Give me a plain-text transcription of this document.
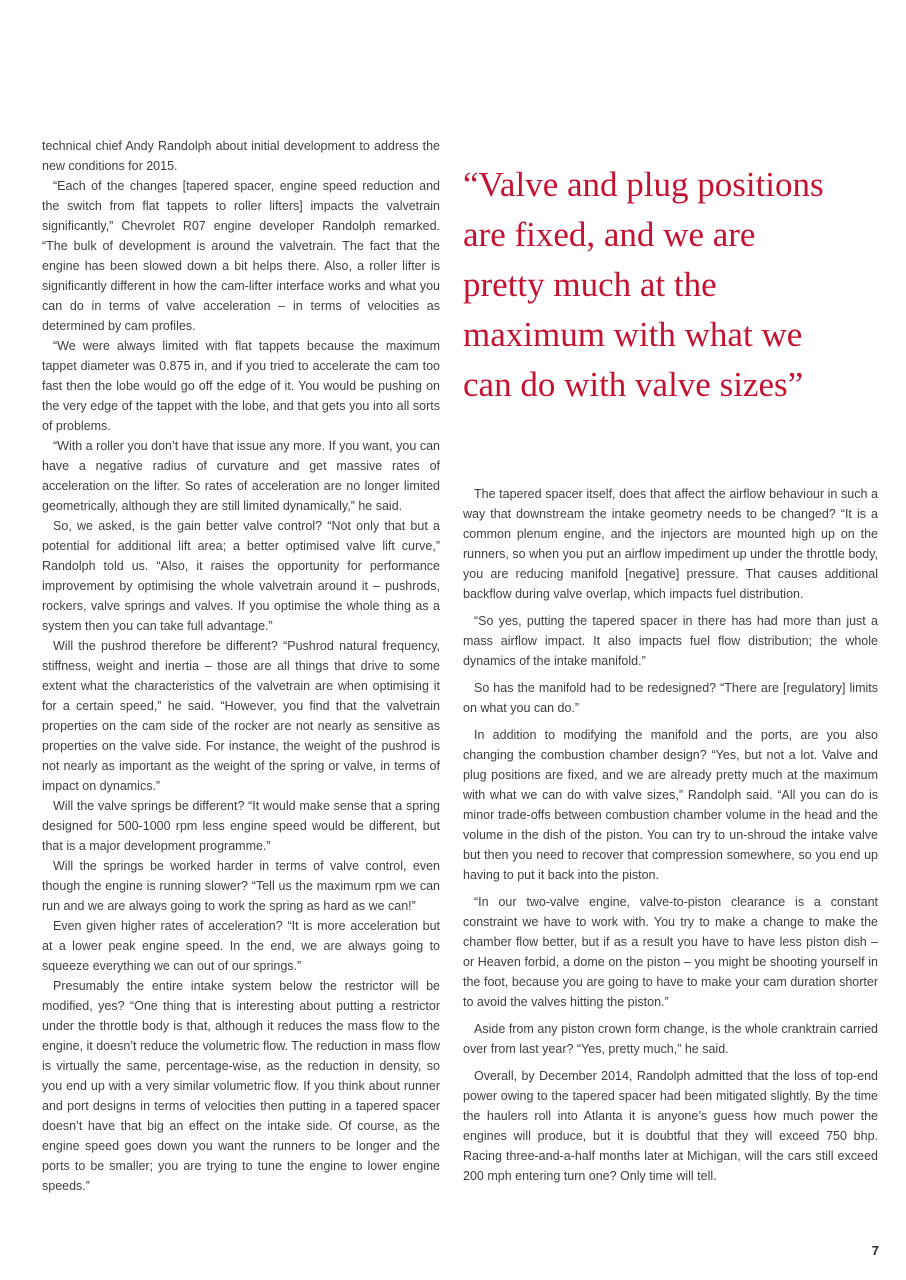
technical chief Andy Randolph about initial development to address the new conditions for 2015.

“Each of the changes [tapered spacer, engine speed reduction and the switch from flat tappets to roller lifters] impacts the valvetrain significantly,” Chevrolet R07 engine developer Randolph remarked. “The bulk of development is around the valvetrain. The fact that the engine has been slowed down a bit helps there. Also, a roller lifter is significantly different in how the cam-lifter interface works and what you can do in terms of valve acceleration – in terms of velocities as determined by cam profiles.

“We were always limited with flat tappets because the maximum tappet diameter was 0.875 in, and if you tried to accelerate the cam too fast then the lobe would go off the edge of it. You would be pushing on the very edge of the tappet with the lobe, and that gets you into all sorts of problems.

“With a roller you don’t have that issue any more. If you want, you can have a negative radius of curvature and get massive rates of acceleration on the lifter. So rates of acceleration are no longer limited geometrically, although they are still limited dynamically,” he said.

So, we asked, is the gain better valve control? “Not only that but a potential for additional lift area; a better optimised valve lift curve,” Randolph told us. “Also, it raises the opportunity for performance improvement by optimising the whole valvetrain around it – pushrods, rockers, valve springs and valves. If you optimise the whole thing as a system then you can take full advantage.”

Will the pushrod therefore be different? “Pushrod natural frequency, stiffness, weight and inertia – those are all things that drive to some extent what the characteristics of the valvetrain are when optimising it for a certain speed,” he said. “However, you find that the valvetrain properties on the cam side of the rocker are not nearly as sensitive as properties on the valve side. For instance, the weight of the pushrod is not nearly as important as the weight of the spring or valve, in terms of impact on dynamics.”

Will the valve springs be different? “It would make sense that a spring designed for 500-1000 rpm less engine speed would be different, but that is a major development programme.”

Will the springs be worked harder in terms of valve control, even though the engine is running slower? “Tell us the maximum rpm we can run and we are always going to work the spring as hard as we can!”

Even given higher rates of acceleration? “It is more acceleration but at a lower peak engine speed. In the end, we are always going to squeeze everything we can out of our springs.”

Presumably the entire intake system below the restrictor will be modified, yes? “One thing that is interesting about putting a restrictor under the throttle body is that, although it reduces the mass flow to the engine, it doesn’t reduce the volumetric flow. The reduction in mass flow is virtually the same, percentage-wise, as the reduction in density, so you end up with a very similar volumetric flow. If you think about runner and port designs in terms of velocities then putting in a tapered spacer doesn’t have that big an effect on the intake side. Of course, as the engine speed goes down you want the runners to be longer and the ports to be smaller; you are trying to tune the engine to lower engine speeds.”

“Valve and plug positions
are fixed, and we are
pretty much at the
maximum with what we
can do with valve sizes”

The tapered spacer itself, does that affect the airflow behaviour in such a way that downstream the intake geometry needs to be changed? “It is a common plenum engine, and the injectors are mounted high up on the runners, so when you put an airflow impediment up under the throttle body, you are reducing manifold [negative] pressure. That causes additional backflow during valve overlap, which impacts fuel distribution.

“So yes, putting the tapered spacer in there has had more than just a mass airflow impact. It also impacts fuel flow distribution; the whole dynamics of the intake manifold.”

So has the manifold had to be redesigned? “There are [regulatory] limits on what you can do.”

In addition to modifying the manifold and the ports, are you also changing the combustion chamber design? “Yes, but not a lot. Valve and plug positions are fixed, and we are already pretty much at the maximum with what we can do with valve sizes,” Randolph said. “All you can do is minor trade-offs between combustion chamber volume in the head and the volume in the dish of the piston. You can try to un-shroud the intake valve but then you need to recover that compression somewhere, so you end up having to put it back into the piston.

“In our two-valve engine, valve-to-piston clearance is a constant constraint we have to work with. You try to make a change to make the chamber flow better, but if as a result you have to have less piston dish – or Heaven forbid, a dome on the piston – you might be shooting yourself in the foot, because you are going to have to make your cam duration shorter to avoid the valves hitting the piston.”

Aside from any piston crown form change, is the whole cranktrain carried over from last year? “Yes, pretty much,” he said.

Overall, by December 2014, Randolph admitted that the loss of top-end power owing to the tapered spacer had been mitigated slightly. By the time the haulers roll into Atlanta it is anyone’s guess how much power the engines will produce, but it is doubtful that they will exceed 750 bhp. Racing three-and-a-half months later at Michigan, will the cars still exceed 200 mph entering turn one? Only time will tell.

7
